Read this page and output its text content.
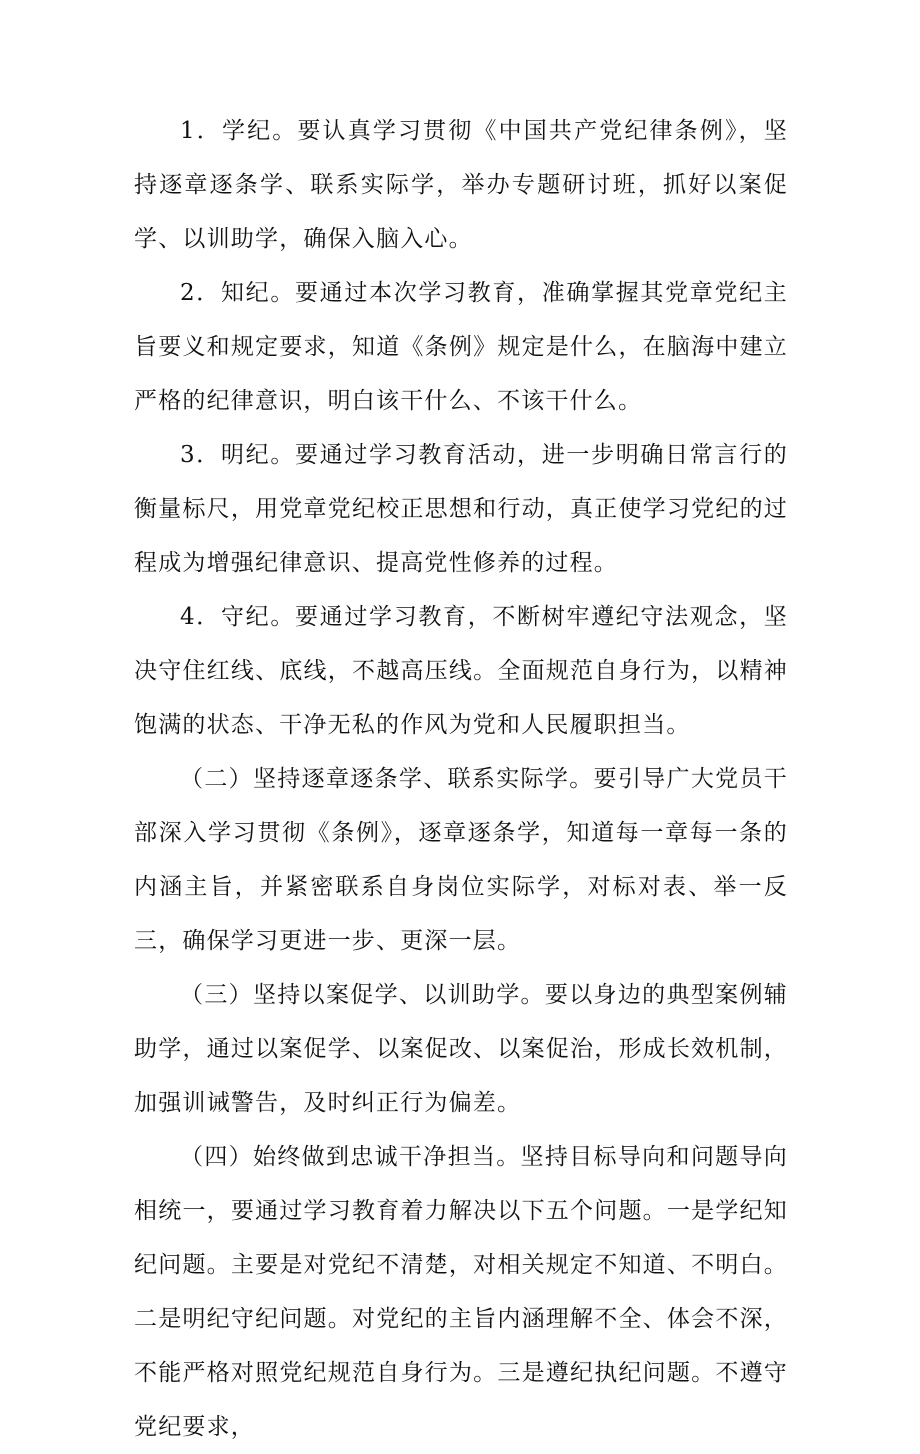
1．学纪。要认真学习贯彻《中国共产党纪律条例》，坚持逐章逐条学、联系实际学，举办专题研讨班，抓好以案促学、以训助学，确保入脑入心。

2．知纪。要通过本次学习教育，准确掌握其党章党纪主旨要义和规定要求，知道《条例》规定是什么，在脑海中建立严格的纪律意识，明白该干什么、不该干什么。

3．明纪。要通过学习教育活动，进一步明确日常言行的衡量标尺，用党章党纪校正思想和行动，真正使学习党纪的过程成为增强纪律意识、提高党性修养的过程。

4．守纪。要通过学习教育，不断树牢遵纪守法观念，坚决守住红线、底线，不越高压线。全面规范自身行为，以精神饱满的状态、干净无私的作风为党和人民履职担当。

（二）坚持逐章逐条学、联系实际学。要引导广大党员干部深入学习贯彻《条例》，逐章逐条学，知道每一章每一条的内涵主旨，并紧密联系自身岗位实际学，对标对表、举一反三，确保学习更进一步、更深一层。

（三）坚持以案促学、以训助学。要以身边的典型案例辅助学，通过以案促学、以案促改、以案促治，形成长效机制，加强训诫警告，及时纠正行为偏差。

（四）始终做到忠诚干净担当。坚持目标导向和问题导向相统一，要通过学习教育着力解决以下五个问题。一是学纪知纪问题。主要是对党纪不清楚，对相关规定不知道、不明白。二是明纪守纪问题。对党纪的主旨内涵理解不全、体会不深，不能严格对照党纪规范自身行为。三是遵纪执纪问题。不遵守党纪要求，
